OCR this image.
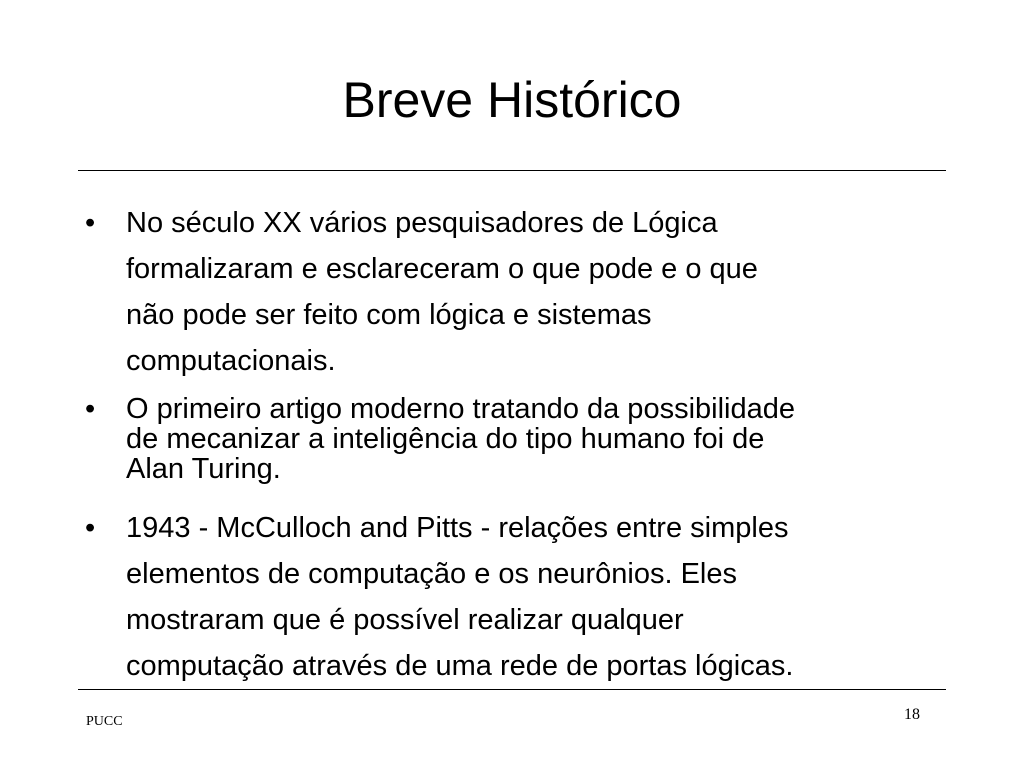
Breve Histórico
•	No século XX vários pesquisadores de Lógica
formalizaram e esclareceram o que pode e o que
não pode ser feito com lógica e sistemas
computacionais.
•	O primeiro artigo moderno tratando da possibilidade
de mecanizar a inteligência do tipo humano foi de
Alan Turing.
•	1943 - McCulloch and Pitts - relações entre simples
elementos de computação e os neurônios. Eles
mostraram que é possível realizar qualquer
computação através de uma rede de portas lógicas.
PUCC	18
